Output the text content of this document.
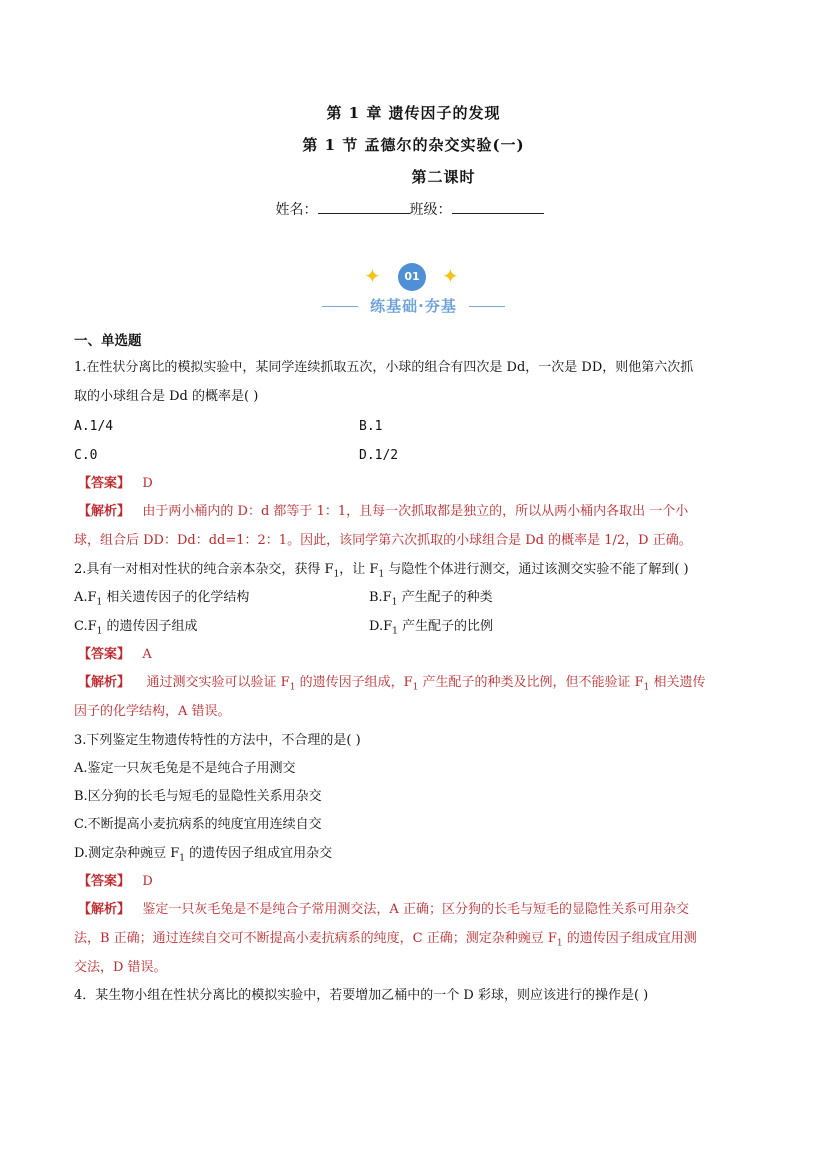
第 1 章 遗传因子的发现
第 1 节 孟德尔的杂交实验(一)
第二课时
姓名：	班级：
✦	01	✦
练基础·夯基
一、单选题
1.在性状分离比的模拟实验中，某同学连续抓取五次，小球的组合有四次是 Dd，一次是 DD，则他第六次抓
取的小球组合是 Dd 的概率是( )
A.1/4	B.1
C.0	D.1/2
【答案】 D
【解析】 由于两小桶内的 D：d 都等于 1：1，且每一次抓取都是独立的，所以从两小桶内各取出 一个小
球，组合后 DD：Dd：dd=1：2：1。因此，该同学第六次抓取的小球组合是 Dd 的概率是 1/2，D 正确。
2.具有一对相对性状的纯合亲本杂交，获得 $F_1$，让 $F_1$ 与隐性个体进行测交，通过该测交实验不能了解到( )
$A.F_1$ 相关遗传因子的化学结构	$B.F_1$ 产生配子的种类
$C.F_1$ 的遗传因子组成	$D.F_1$ 产生配子的比例
【答案】 A
【解析】 通过测交实验可以验证 $F_1$ 的遗传因子组成，$F_1$ 产生配子的种类及比例，但不能验证 $F_1$ 相关遗传
因子的化学结构，A 错误。
3.下列鉴定生物遗传特性的方法中，不合理的是( )
A.鉴定一只灰毛兔是不是纯合子用测交
B.区分狗的长毛与短毛的显隐性关系用杂交
C.不断提高小麦抗病系的纯度宜用连续自交
D.测定杂种豌豆 $F_1$ 的遗传因子组成宜用杂交
【答案】 D
【解析】 鉴定一只灰毛兔是不是纯合子常用测交法，A 正确；区分狗的长毛与短毛的显隐性关系可用杂交
法，B 正确；通过连续自交可不断提高小麦抗病系的纯度，C 正确；测定杂种豌豆 $F_1$ 的遗传因子组成宜用测
交法，D 错误。
4．某生物小组在性状分离比的模拟实验中，若要增加乙桶中的一个 D 彩球，则应该进行的操作是( )
